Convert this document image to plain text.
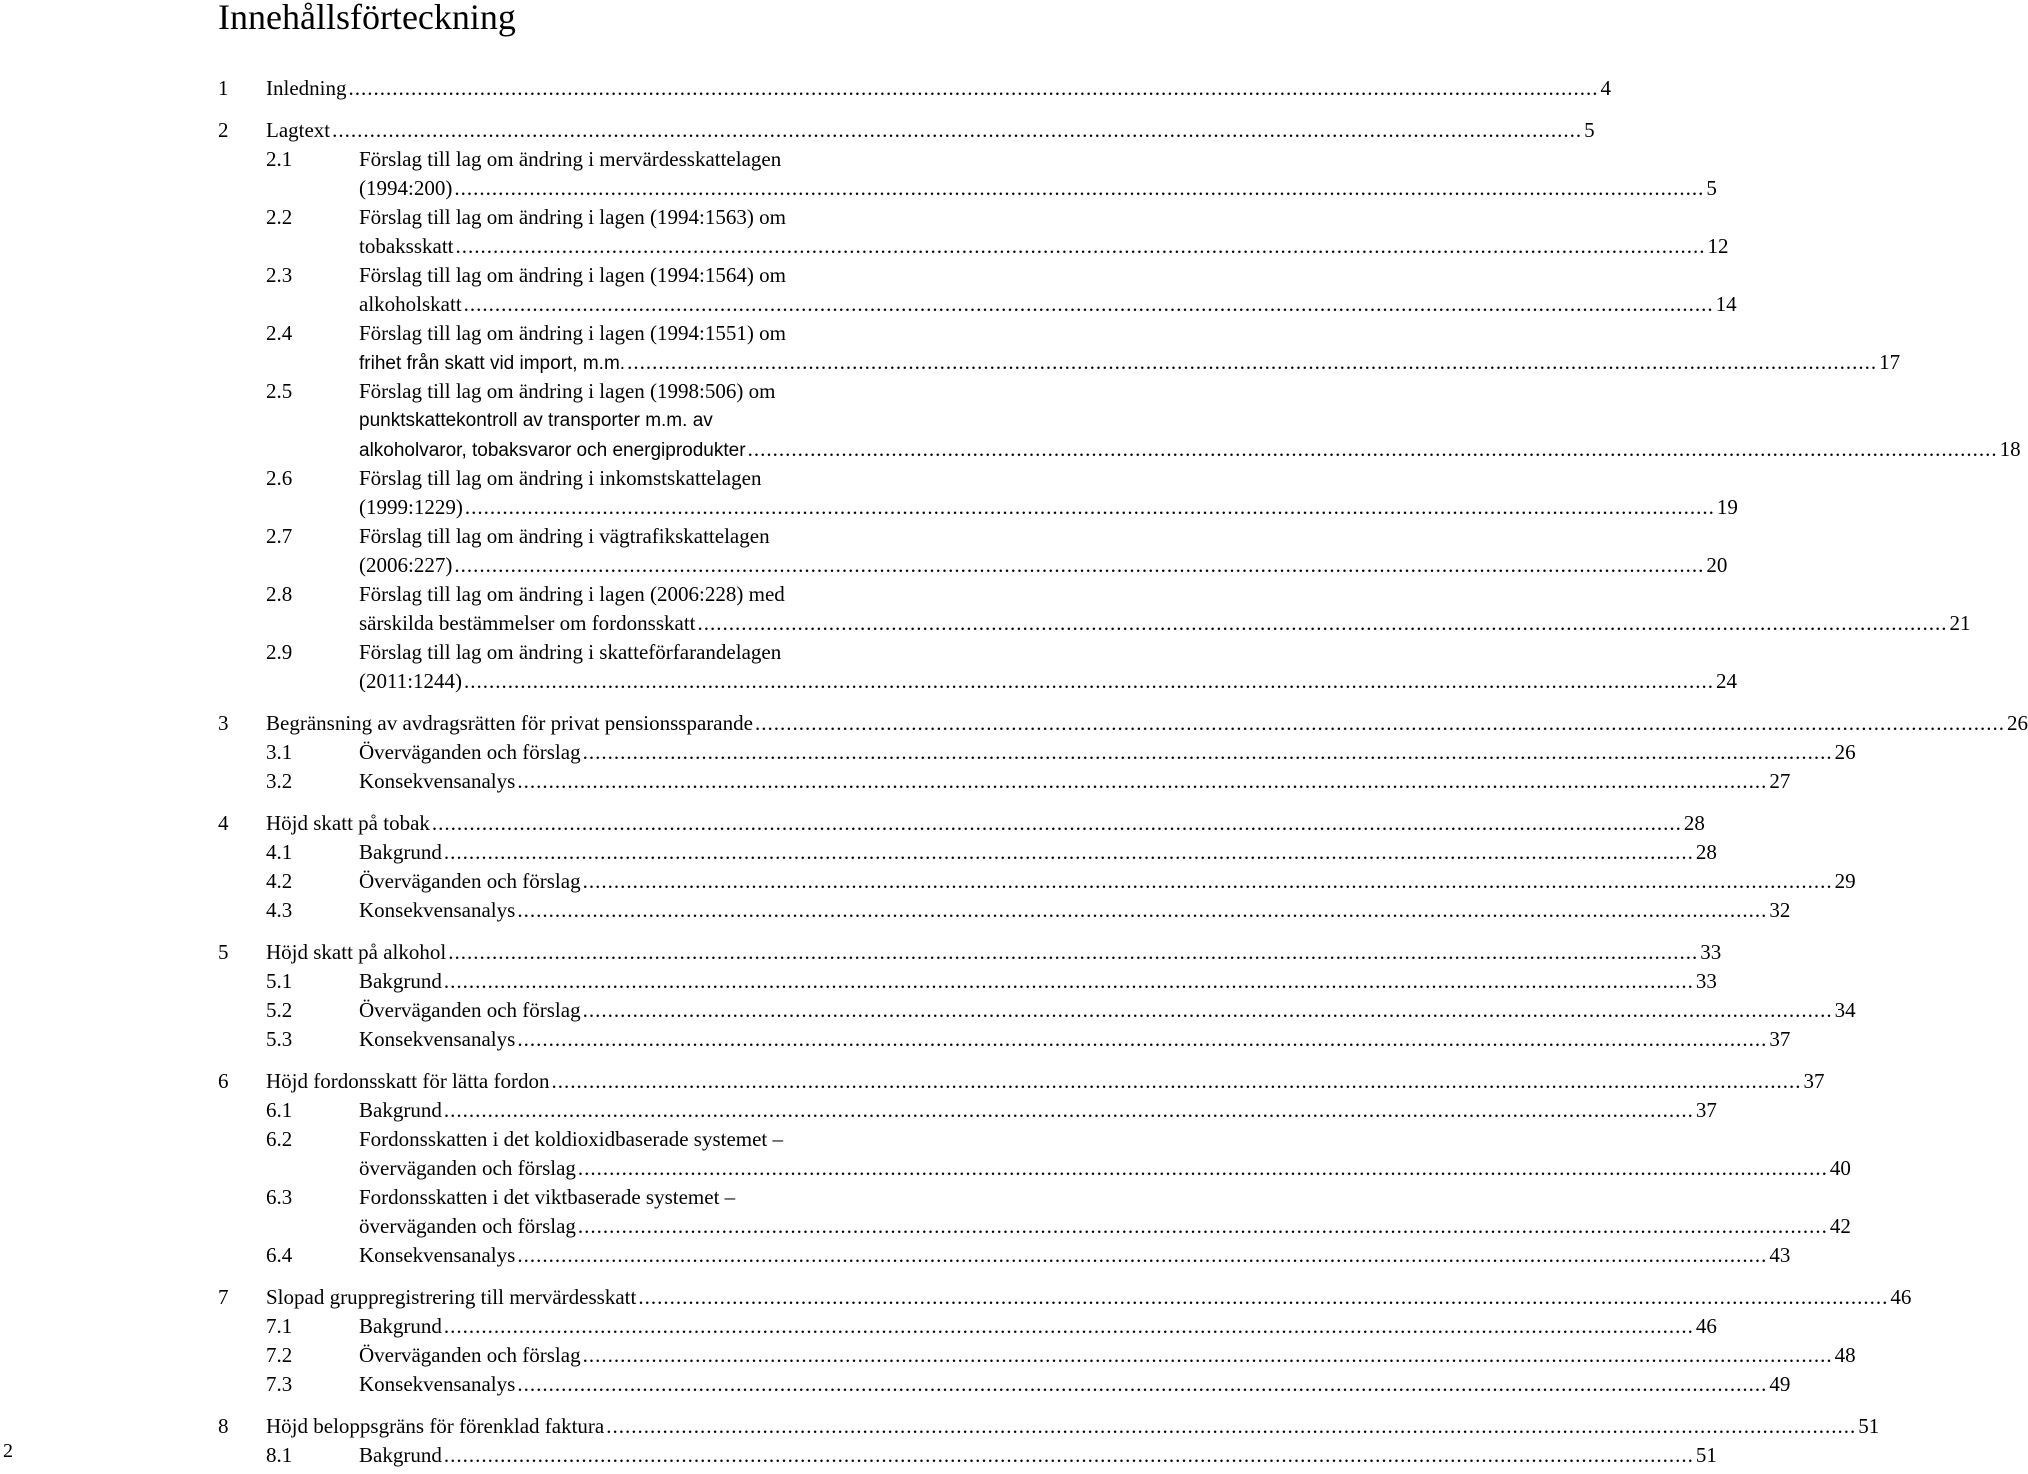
Innehållsförteckning
1 Inledning ........................................................................................................................................................................................................ 4
2 Lagtext ........................................................................................................................................................................................................ 5
2.1	Förslag till lag om ändring i mervärdesskattelagen
(1994:200) ........................................................................................................................................................................................................ 5
2.2	Förslag till lag om ändring i lagen (1994:1563) om
tobaksskatt ........................................................................................................................................................................................................ 12
2.3	Förslag till lag om ändring i lagen (1994:1564) om
alkoholskatt ........................................................................................................................................................................................................ 14
2.4	Förslag till lag om ändring i lagen (1994:1551) om
frihet från skatt vid import, m.m. ........................................................................................................................................................................................................ 17
2.5	Förslag till lag om ändring i lagen (1998:506) om
punktskattekontroll av transporter m.m. av
alkoholvaror, tobaksvaror och energiprodukter ........................................................................................................................................................................................................ 18
2.6	Förslag till lag om ändring i inkomstskattelagen
(1999:1229) ........................................................................................................................................................................................................ 19
2.7	Förslag till lag om ändring i vägtrafikskattelagen
(2006:227) ........................................................................................................................................................................................................ 20
2.8	Förslag till lag om ändring i lagen (2006:228) med
särskilda bestämmelser om fordonsskatt ........................................................................................................................................................................................................ 21
2.9	Förslag till lag om ändring i skatteförfarandelagen
(2011:1244) ........................................................................................................................................................................................................ 24
3 Begränsning av avdragsrätten för privat pensionssparande ........................................................................................................................................................................................................ 26
3.1	Överväganden och förslag ........................................................................................................................................................................................................ 26
3.2	Konsekvensanalys ........................................................................................................................................................................................................ 27
4 Höjd skatt på tobak ........................................................................................................................................................................................................ 28
4.1	Bakgrund ........................................................................................................................................................................................................ 28
4.2	Överväganden och förslag ........................................................................................................................................................................................................ 29
4.3	Konsekvensanalys ........................................................................................................................................................................................................ 32
5 Höjd skatt på alkohol ........................................................................................................................................................................................................ 33
5.1	Bakgrund ........................................................................................................................................................................................................ 33
5.2	Överväganden och förslag ........................................................................................................................................................................................................ 34
5.3	Konsekvensanalys ........................................................................................................................................................................................................ 37
6 Höjd fordonsskatt för lätta fordon ........................................................................................................................................................................................................ 37
6.1	Bakgrund ........................................................................................................................................................................................................ 37
6.2	Fordonsskatten i det koldioxidbaserade systemet –
överväganden och förslag ........................................................................................................................................................................................................ 40
6.3	Fordonsskatten i det viktbaserade systemet –
överväganden och förslag ........................................................................................................................................................................................................ 42
6.4	Konsekvensanalys ........................................................................................................................................................................................................ 43
7 Slopad gruppregistrering till mervärdesskatt ........................................................................................................................................................................................................ 46
7.1	Bakgrund ........................................................................................................................................................................................................ 46
7.2	Överväganden och förslag ........................................................................................................................................................................................................ 48
7.3	Konsekvensanalys ........................................................................................................................................................................................................ 49
8 Höjd beloppsgräns för förenklad faktura ........................................................................................................................................................................................................ 51
8.1	Bakgrund ........................................................................................................................................................................................................ 51
2
